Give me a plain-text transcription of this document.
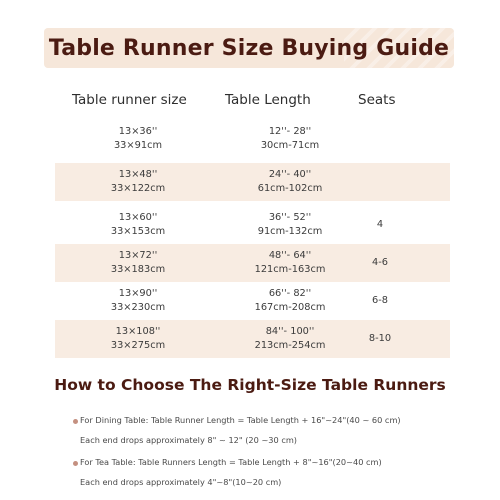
Table Runner Size Buying Guide
Table runner size	Table Length	Seats
13×36''
33×91cm
12''- 28''
30cm-71cm
13×48''
33×122cm
24''- 40''
61cm-102cm
13×60''
33×153cm
36''- 52''
91cm-132cm
4
13×72''
33×183cm
48''- 64''
121cm-163cm
4-6
13×90''
33×230cm
66''- 82''
167cm-208cm
6-8
13×108''
33×275cm
84''- 100''
213cm-254cm
8-10
How to Choose The Right-Size Table Runners
For Dining Table: Table Runner Length = Table Length + 16"~24"(40 ~ 60 cm)
Each end drops approximately 8" ~ 12" (20 ~30 cm)
For Tea Table: Table Runners Length = Table Length + 8"~16"(20~40 cm)
Each end drops approximately 4"~8"(10~20 cm)
